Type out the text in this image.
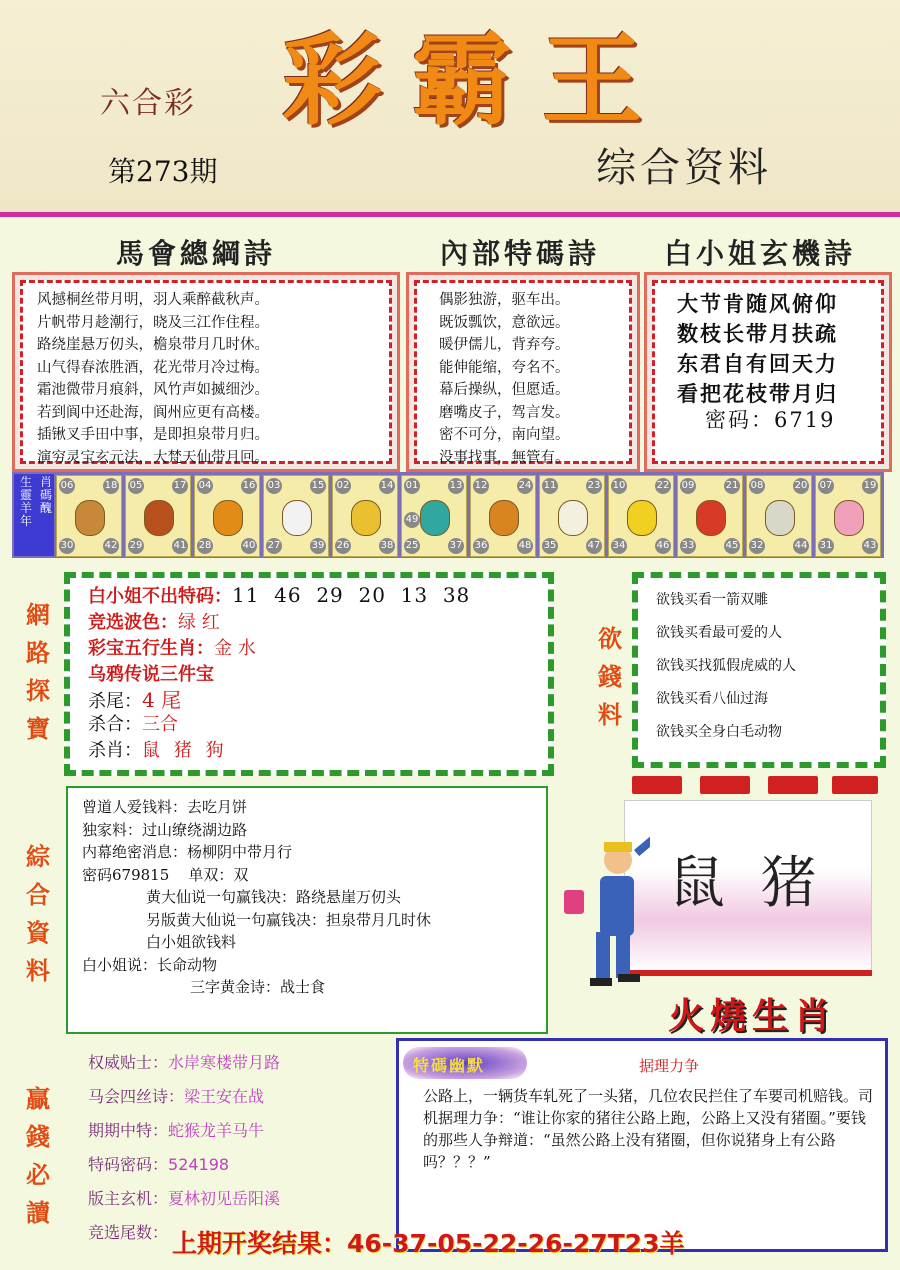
六合彩 彩霸王
第273期	综合资料
馬會總綱詩	內部特碼詩 白小姐玄機詩
风撼桐丝带月明，羽人乘醉截秋声。
片帆带月趁潮行，晓及三江作住程。
路绕崖悬万仞头，檐泉带月几时休。
山气得春浓胜酒，花光带月冷过梅。
霜池微带月痕斜，风竹声如揻细沙。
若到阆中还赴海，阆州应更有高楼。
插锹叉手田中事，是即担泉带月归。
演穷灵宝玄元法，大梵天仙带月回。
偶影独游，驱车出。
既饭瓢饮，意欲远。
暖伊儒儿，背弃夸。
能伸能缩，夸名不。
幕后操纵，但愿适。
磨嘴皮子，驾言发。
密不可分，南向望。
没事找事，無管有。
大节肯随风俯仰
数枝长带月扶疏
东君自有回天力
看把花枝带月归
密码：6719
生 肖
靈 碼
羊 醜
年
06	18
30	42
05	17
29	41
04	16
28	40
03	15
27	39
02	14
26	38
01	13
25	37
49
12	24
36	48
11	23
35	47
10	22
34	46
09	21
33	45
08	20
32	44
07	19
31	43
網
路
探
寶
白小姐不出特码：11  46  29  20  13  38
竞选波色：绿 红
彩宝五行生肖：金 水
乌鸦传说三件宝
杀尾：4 尾
杀合：三合
杀肖：鼠 猪 狗
欲
錢
料
欲钱买看一箭双雕
欲钱买看最可爱的人
欲钱买找狐假虎威的人
欲钱买看八仙过海
欲钱买全身白毛动物
綜
合
資
料
曾道人爱钱料：去吃月饼
独家料：过山缭绕湖边路
内幕绝密消息：杨柳阴中带月行
密码679815    单双：双
黄大仙说一句赢钱决：路绕悬崖万仞头
另版黄大仙说一句赢钱决：担泉带月几时休
白小姐欲钱料
白小姐说：长命动物
三字黄金诗：战士食
鼠  猪
火燒生肖
贏
錢
必
讀
权威贴士：水岸寒楼带月路
马会四丝诗：梁王安在战
期期中特：蛇猴龙羊马牛
特码密码：524198
版主玄机：夏林初见岳阳溪
竞选尾数：
特碼幽默	据理力争
公路上，一辆货车轧死了一头猪，几位农民拦住了车要司机赔钱。司机据理力争：“谁让你家的猪往公路上跑，公路上又没有猪圈。”要钱的那些人争辩道：“虽然公路上没有猪圈，但你说猪身上有公路吗？？？”
上期开奖结果：46-37-05-22-26-27T23羊
